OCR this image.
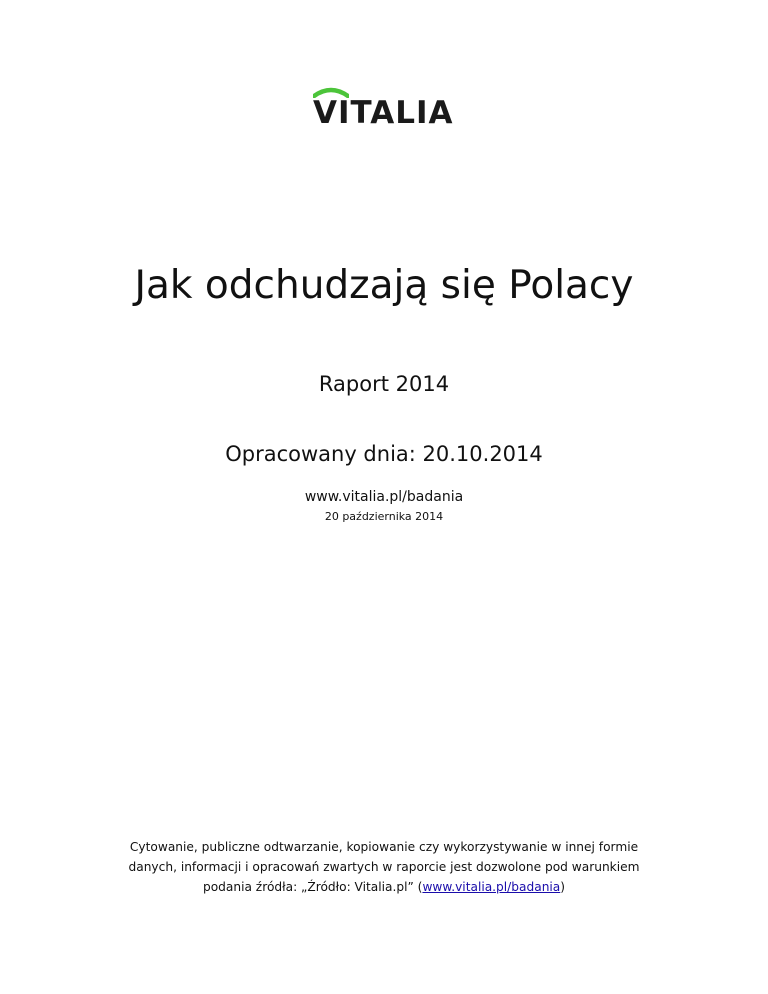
VITALIA
Jak odchudzają się Polacy
Raport 2014
Opracowany dnia: 20.10.2014
www.vitalia.pl/badania
20 października 2014
Cytowanie, publiczne odtwarzanie, kopiowanie czy wykorzystywanie w innej formie
danych, informacji i opracowań zwartych w raporcie jest dozwolone pod warunkiem
podania źródła: „Źródło: Vitalia.pl” (www.vitalia.pl/badania)
